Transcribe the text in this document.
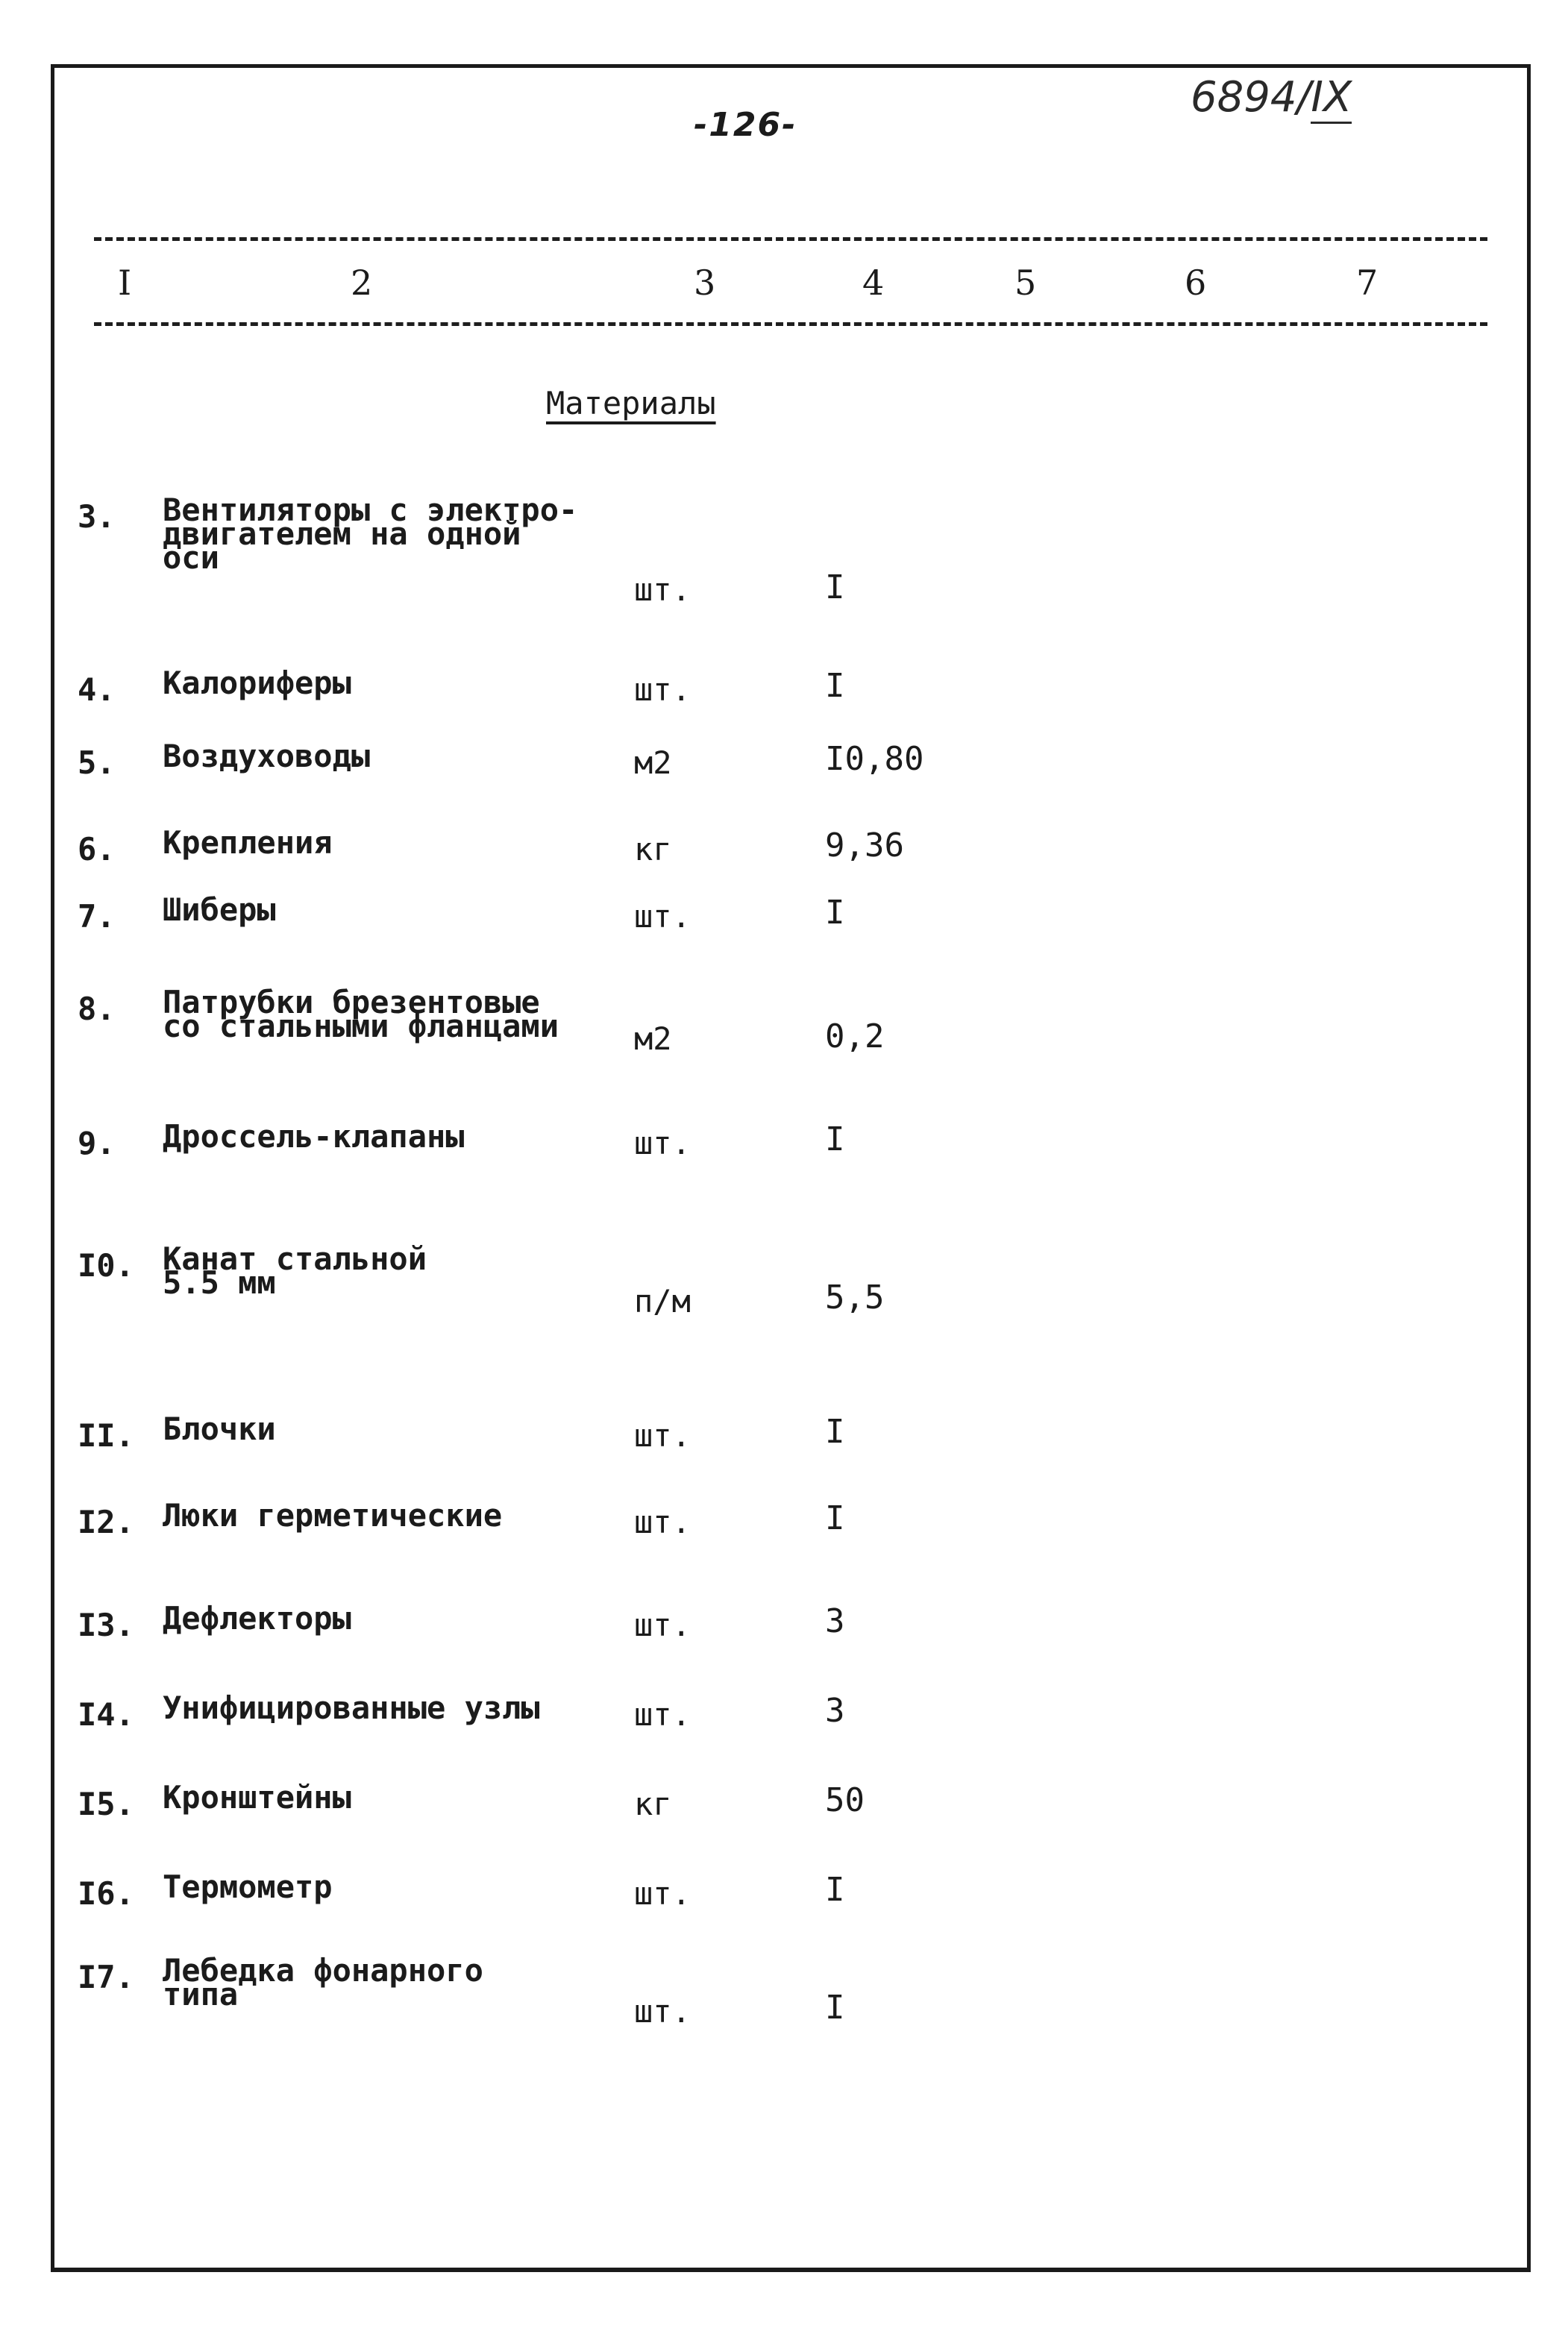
-126-
6894/IX
I	2	3	4	5	6	7
Материалы
3. Вентиляторы с электро-
двигателем на одной
оси
шт.	I
4. Калориферы	шт.	I
5. Воздуховоды	м2	I0,80
6. Крепления	кг	9,36
7. Шиберы	шт.	I
8. Патрубки брезентовые
со стальными фланцами	м2	0,2
9. Дроссель-клапаны	шт.	I
I0. Канат стальной
5.5 мм
п/м	5,5
II. Блочки	шт.	I
I2. Люки герметические	шт.	I
I3. Дефлекторы	шт.	3
I4. Унифицированные узлы	шт.	3
I5. Кронштейны	кг	50
I6. Термометр	шт.	I
I7. Лебедка фонарного
типа	шт.	I
